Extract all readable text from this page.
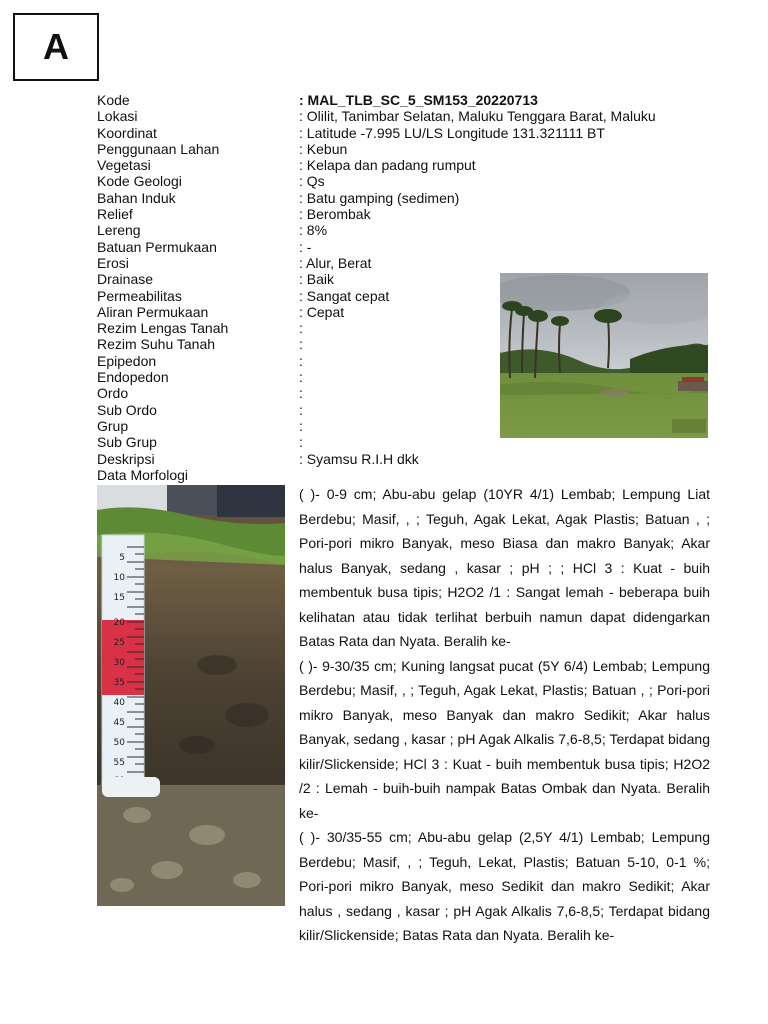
A
Kode	: MAL_TLB_SC_5_SM153_20220713
Lokasi	: Olilit, Tanimbar Selatan, Maluku Tenggara Barat, Maluku
Koordinat	: Latitude -7.995 LU/LS Longitude 131.321111 BT
Penggunaan Lahan	: Kebun
Vegetasi	: Kelapa dan padang rumput
Kode Geologi	: Qs
Bahan Induk	: Batu gamping (sedimen)
Relief	: Berombak
Lereng	: 8%
Batuan Permukaan	: -
Erosi	: Alur, Berat
Drainase	: Baik
Permeabilitas	: Sangat cepat
Aliran Permukaan	: Cepat
Rezim Lengas Tanah	:
Rezim Suhu Tanah	:
Epipedon	:
Endopedon	:
Ordo	:
Sub Ordo	:
Grup	:
Sub Grup	:
Deskripsi	: Syamsu R.I.H dkk
Data Morfologi
5
10
15
20
25
30
35
40
45
50
55

( )- 0-9 cm; Abu-abu gelap (10YR 4/1) Lembab; Lempung Liat Berdebu; Masif, , ; Teguh, Agak Lekat, Agak Plastis; Batuan , ; Pori-pori mikro Banyak, meso Biasa dan makro Banyak; Akar halus Banyak, sedang , kasar ; pH ; ; HCl 3 : Kuat - buih membentuk busa tipis; H2O2 /1 : Sangat lemah - beberapa buih kelihatan atau tidak terlihat berbuih namun dapat didengarkan Batas Rata dan Nyata. Beralih ke-

( )- 9-30/35 cm; Kuning langsat pucat (5Y 6/4) Lembab; Lempung Berdebu; Masif, , ; Teguh, Agak Lekat, Plastis; Batuan , ; Pori-pori mikro Banyak, meso Banyak dan makro Sedikit; Akar halus Banyak, sedang , kasar ; pH Agak Alkalis 7,6-8,5; Terdapat bidang kilir/Slickenside; HCl 3 : Kuat - buih membentuk busa tipis; H2O2 /2 : Lemah - buih-buih nampak Batas Ombak dan Nyata. Beralih ke-

( )- 30/35-55 cm; Abu-abu gelap (2,5Y 4/1) Lembab; Lempung Berdebu; Masif, , ; Teguh, Lekat, Plastis; Batuan 5-10, 0-1 %; Pori-pori mikro Banyak, meso Sedikit dan makro Sedikit; Akar halus , sedang , kasar ; pH Agak Alkalis 7,6-8,5; Terdapat bidang kilir/Slickenside; Batas Rata dan Nyata. Beralih ke-
